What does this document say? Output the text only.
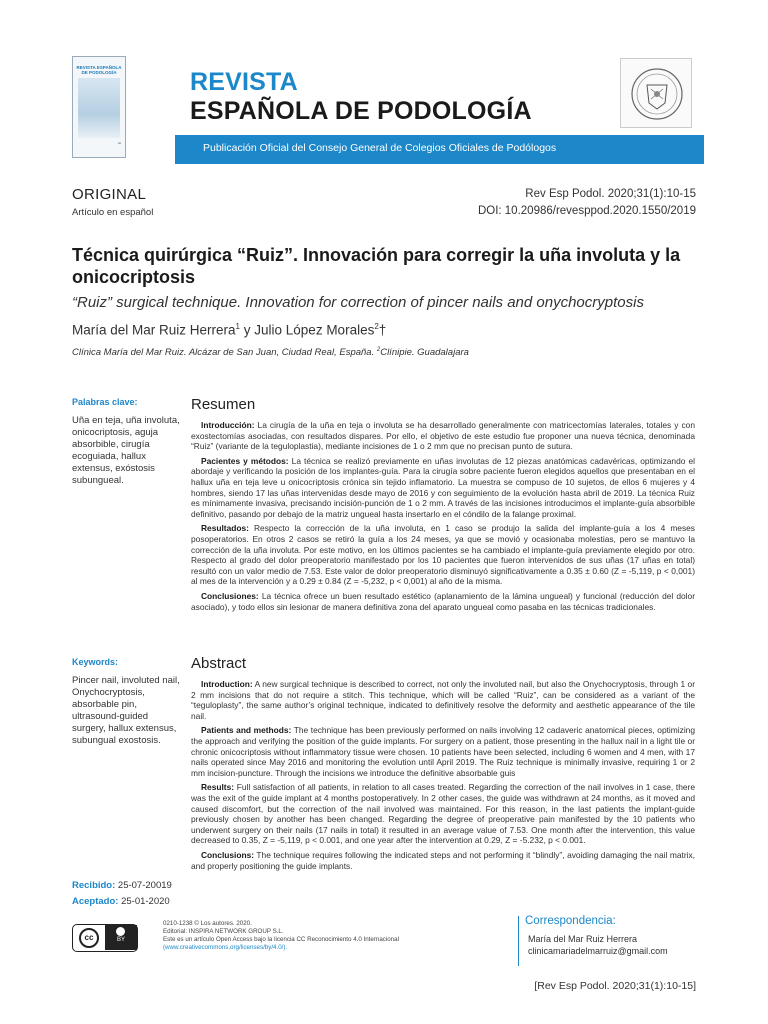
REVISTA ESPAÑOLA DE PODOLOGÍA
▪▪▪
REVISTA
ESPAÑOLA DE PODOLOGÍA
Publicación Oficial del Consejo General de Colegios Oficiales de Podólogos
ORIGINAL
Artículo en español
Rev Esp Podol. 2020;31(1):10-15
DOI: 10.20986/revesppod.2020.1550/2019
Técnica quirúrgica “Ruiz”. Innovación para corregir la uña involuta y la onicocriptosis
“Ruiz” surgical technique. Innovation for correction of pincer nails and onychocryptosis
María del Mar Ruiz Herrera$^1$ y Julio López Morales$^2$†
Clínica María del Mar Ruiz. Alcázar de San Juan, Ciudad Real, España. $^2$Clínipie. Guadalajara
Palabras clave:
Uña en teja, uña involuta, onicocriptosis, aguja absorbible, cirugía ecoguiada, hallux extensus, exóstosis subungueal.
Keywords:
Pincer nail, involuted nail, Onychocryptosis, absorbable pin, ultrasound-guided surgery, hallux extensus, subungual exostosis.
Recibido: 25-07-20019
Aceptado: 25-01-2020
Resumen

Introducción: La cirugía de la uña en teja o involuta se ha desarrollado generalmente con matricectomías laterales, totales y con exostectomías asociadas, con resultados dispares. Por ello, el objetivo de este estudio fue proponer una nueva técnica, denominada “Ruiz” (variante de la teguloplastia), mediante incisiones de 1 o 2 mm que no precisan punto de sutura.

Pacientes y métodos: La técnica se realizó previamente en uñas involutas de 12 piezas anatómicas cadavéricas, optimizando el abordaje y verificando la posición de los implantes-guía. Para la cirugía sobre paciente fueron elegidos aquellos que presentaban en el hallux uña en teja leve u onicocriptosis crónica sin tejido inflamatorio. La muestra se compuso de 10 sujetos, de ellos 6 mujeres y 4 hombres, siendo 17 las uñas intervenidas desde mayo de 2016 y con seguimiento de la evolución hasta abril de 2019. La técnica Ruiz es mínimamente invasiva, precisando incisión-punción de 1 o 2 mm. A través de las incisiones introducimos el implante-guía absorbible definitivo, pasando por debajo de la matriz ungueal hasta insertarlo en el cóndilo de la falange proximal.

Resultados: Respecto la corrección de la uña involuta, en 1 caso se produjo la salida del implante-guía a los 4 meses posoperatorios. En otros 2 casos se retiró la guía a los 24 meses, ya que se movió y ocasionaba molestias, pero se mantuvo la corrección de la uña involuta. Por este motivo, en los últimos pacientes se ha cambiado el implante-guía previamente elegido por otro. Respecto al grado del dolor preoperatorio manifestado por los 10 pacientes que fueron intervenidos de sus uñas (17 uñas en total) resultó con un valor medio de 7.53. Este valor de dolor preoperatorio disminuyó significativamente a 0.35 ± 0.60 (Z = -5,119, p < 0,001) al mes de la intervención y a 0.29 ± 0.84 (Z = -5,232, p < 0,001) al año de la misma.

Conclusiones: La técnica ofrece un buen resultado estético (aplanamiento de la lámina ungueal) y funcional (reducción del dolor asociado), y todo ellos sin lesionar de manera definitiva zona del aparato ungueal como pasaba en las técnicas tradicionales.

Abstract

Introduction: A new surgical technique is described to correct, not only the involuted nail, but also the Onychocryptosis, through 1 or 2 mm incisions that do not require a stitch. This technique, which will be called “Ruiz”, can be considered as a variant of the “teguloplasty”, the same author’s original technique, indicated to definitively resolve the deformity and aesthetic appearance of the tile nail.

Patients and methods: The technique has been previously performed on nails involving 12 cadaveric anatomical pieces, optimizing the approach and verifying the position of the guide implants. For surgery on a patient, those presenting in the hallux nail in a light tile or chronic onicocriptosis without inflammatory tissue were chosen. 10 patients have been selected, including 6 women and 4 men, with 17 nails operated since May 2016 and monitoring the evolution until April 2019. The Ruiz technique is minimally invasive, requiring 1 or 2 mm incision-puncture. Through the incisions we introduce the definitive absorbable guis

Results: Full satisfaction of all patients, in relation to all cases treated. Regarding the correction of the nail involves in 1 case, there was the exit of the guide implant at 4 months postoperatively. In 2 other cases, the guide was withdrawn at 24 months, as it moved and caused discomfort, but the correction of the nail involved was maintained. For this reason, in the last patients the implant-guide previously chosen by another has been changed. Regarding the degree of preoperative pain manifested by the 10 patients who underwent surgery on their nails (17 nails in total) it resulted in an average value of 7.53. One month after the intervention, this value decreased to 0.35, Z = -5,119, p < 0.001, and one year after the intervention at 0.29, Z = -5.232, p < 0.001.

Conclusions: The technique requires following the indicated steps and not performing it “blindly”, avoiding damaging the nail matrix, and properly positioning the guide implants.

cc	BY
0210-1238 © Los autores. 2020.
Editorial: INSPIRA NETWORK GROUP S.L.
Este es un artículo Open Access bajo la licencia CC Reconocimiento 4.0 Internacional
(www.creativecommons.org/licenses/by/4.0/).
Correspondencia:
María del Mar Ruiz Herrera
clinicamariadelmarruiz@gmail.com
[Rev Esp Podol. 2020;31(1):10-15]
